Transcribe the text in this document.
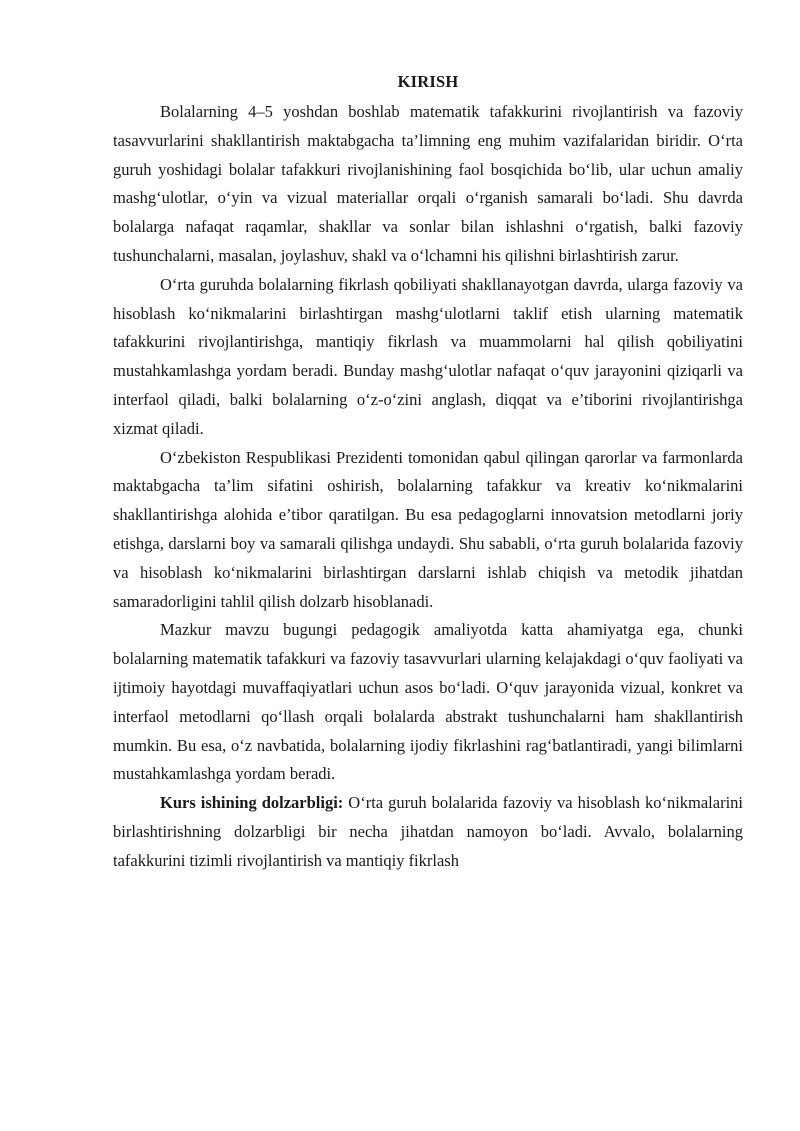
KIRISH

Bolalarning 4–5 yoshdan boshlab matematik tafakkurini rivojlantirish va fazoviy tasavvurlarini shakllantirish maktabgacha ta’limning eng muhim vazifalaridan biridir. O‘rta guruh yoshidagi bolalar tafakkuri rivojlanishining faol bosqichida bo‘lib, ular uchun amaliy mashg‘ulotlar, o‘yin va vizual materiallar orqali o‘rganish samarali bo‘ladi. Shu davrda bolalarga nafaqat raqamlar, shakllar va sonlar bilan ishlashni o‘rgatish, balki fazoviy tushunchalarni, masalan, joylashuv, shakl va o‘lchamni his qilishni birlashtirish zarur.

O‘rta guruhda bolalarning fikrlash qobiliyati shakllanayotgan davrda, ularga fazoviy va hisoblash ko‘nikmalarini birlashtirgan mashg‘ulotlarni taklif etish ularning matematik tafakkurini rivojlantirishga, mantiqiy fikrlash va muammolarni hal qilish qobiliyatini mustahkamlashga yordam beradi. Bunday mashg‘ulotlar nafaqat o‘quv jarayonini qiziqarli va interfaol qiladi, balki bolalarning o‘z-o‘zini anglash, diqqat va e’tiborini rivojlantirishga xizmat qiladi.

O‘zbekiston Respublikasi Prezidenti tomonidan qabul qilingan qarorlar va farmonlarda maktabgacha ta’lim sifatini oshirish, bolalarning tafakkur va kreativ ko‘nikmalarini shakllantirishga alohida e’tibor qaratilgan. Bu esa pedagoglarni innovatsion metodlarni joriy etishga, darslarni boy va samarali qilishga undaydi. Shu sababli, o‘rta guruh bolalarida fazoviy va hisoblash ko‘nikmalarini birlashtirgan darslarni ishlab chiqish va metodik jihatdan samaradorligini tahlil qilish dolzarb hisoblanadi.

Mazkur mavzu bugungi pedagogik amaliyotda katta ahamiyatga ega, chunki bolalarning matematik tafakkuri va fazoviy tasavvurlari ularning kelajakdagi o‘quv faoliyati va ijtimoiy hayotdagi muvaffaqiyatlari uchun asos bo‘ladi. O‘quv jarayonida vizual, konkret va interfaol metodlarni qo‘llash orqali bolalarda abstrakt tushunchalarni ham shakllantirish mumkin. Bu esa, o‘z navbatida, bolalarning ijodiy fikrlashini rag‘batlantiradi, yangi bilimlarni mustahkamlashga yordam beradi.

Kurs ishining dolzarbligi: O‘rta guruh bolalarida fazoviy va hisoblash ko‘nikmalarini birlashtirishning dolzarbligi bir necha jihatdan namoyon bo‘ladi. Avvalo, bolalarning tafakkurini tizimli rivojlantirish va mantiqiy fikrlash
